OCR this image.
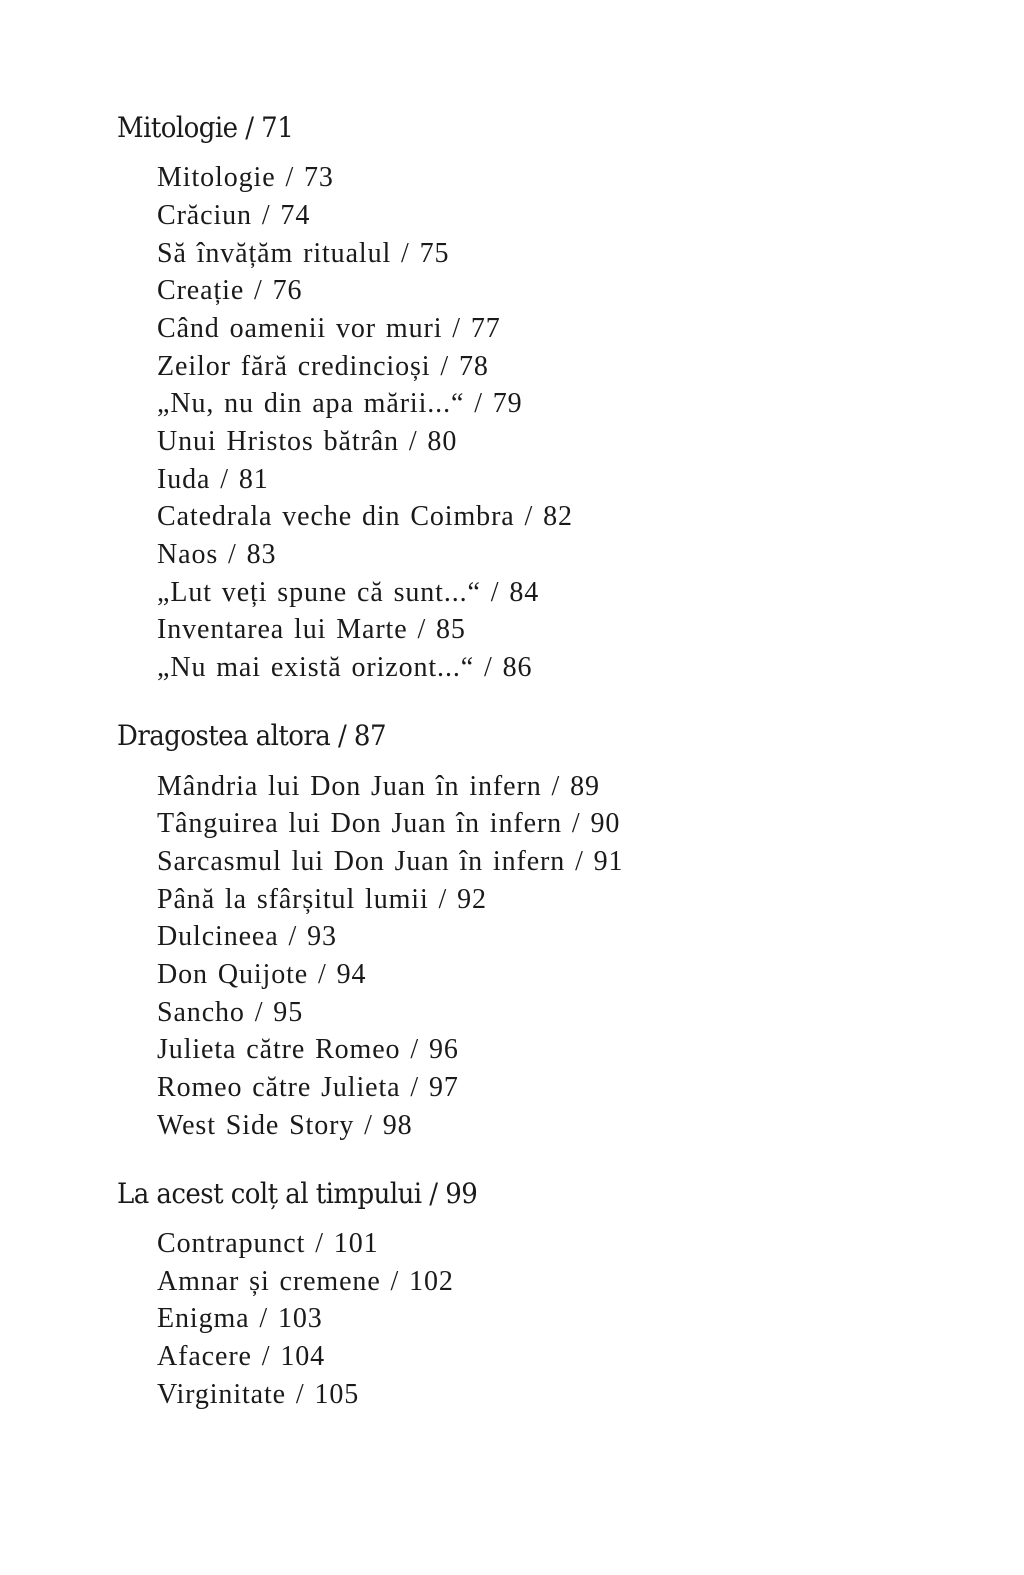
Mitologie / 71

Mitologie / 73

Crăciun / 74

Să învățăm ritualul / 75

Creație / 76

Când oamenii vor muri / 77

Zeilor fără credincioși / 78

„Nu, nu din apa mării...“ / 79

Unui Hristos bătrân / 80

Iuda / 81

Catedrala veche din Coimbra / 82

Naos / 83

„Lut veți spune că sunt...“ / 84

Inventarea lui Marte / 85

„Nu mai există orizont...“ / 86

Dragostea altora / 87

Mândria lui Don Juan în infern / 89

Tânguirea lui Don Juan în infern / 90

Sarcasmul lui Don Juan în infern / 91

Până la sfârșitul lumii / 92

Dulcineea / 93

Don Quijote / 94

Sancho / 95

Julieta către Romeo / 96

Romeo către Julieta / 97

West Side Story / 98

La acest colț al timpului / 99

Contrapunct / 101

Amnar și cremene / 102

Enigma / 103

Afacere / 104

Virginitate / 105
